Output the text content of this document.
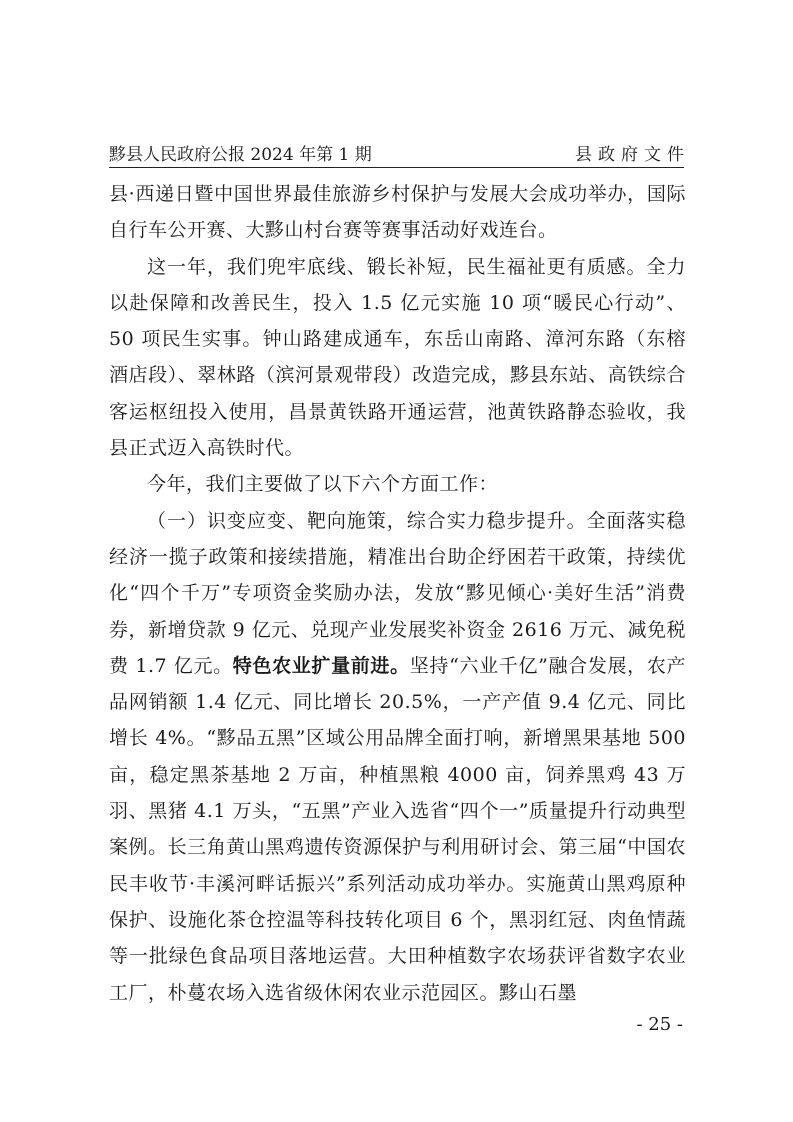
黟县人民政府公报 2024 年第 1 期	县政府文件

县·西递日暨中国世界最佳旅游乡村保护与发展大会成功举办，国际自行车公开赛、大黟山村台赛等赛事活动好戏连台。

这一年，我们兜牢底线、锻长补短，民生福祉更有质感。全力以赴保障和改善民生，投入 1.5 亿元实施 10 项“暖民心行动”、50 项民生实事。钟山路建成通车，东岳山南路、漳河东路（东榕酒店段）、翠林路（滨河景观带段）改造完成，黟县东站、高铁综合客运枢纽投入使用，昌景黄铁路开通运营，池黄铁路静态验收，我县正式迈入高铁时代。

今年，我们主要做了以下六个方面工作：

（一）识变应变、靶向施策，综合实力稳步提升。全面落实稳经济一揽子政策和接续措施，精准出台助企纾困若干政策，持续优化“四个千万”专项资金奖励办法，发放“黟见倾心·美好生活”消费券，新增贷款 9 亿元、兑现产业发展奖补资金 2616 万元、减免税费 1.7 亿元。特色农业扩量前进。坚持“六业千亿”融合发展，农产品网销额 1.4 亿元、同比增长 20.5%，一产产值 9.4 亿元、同比增长 4%。“黟品五黑”区域公用品牌全面打响，新增黑果基地 500 亩，稳定黑茶基地 2 万亩，种植黑粮 4000 亩，饲养黑鸡 43 万羽、黑猪 4.1 万头，“五黑”产业入选省“四个一”质量提升行动典型案例。长三角黄山黑鸡遗传资源保护与利用研讨会、第三届“中国农民丰收节·丰溪河畔话振兴”系列活动成功举办。实施黄山黑鸡原种保护、设施化茶仓控温等科技转化项目 6 个，黑羽红冠、肉鱼情蔬等一批绿色食品项目落地运营。大田种植数字农场获评省数字农业工厂，朴蔓农场入选省级休闲农业示范园区。黟山石墨

- 25 -
